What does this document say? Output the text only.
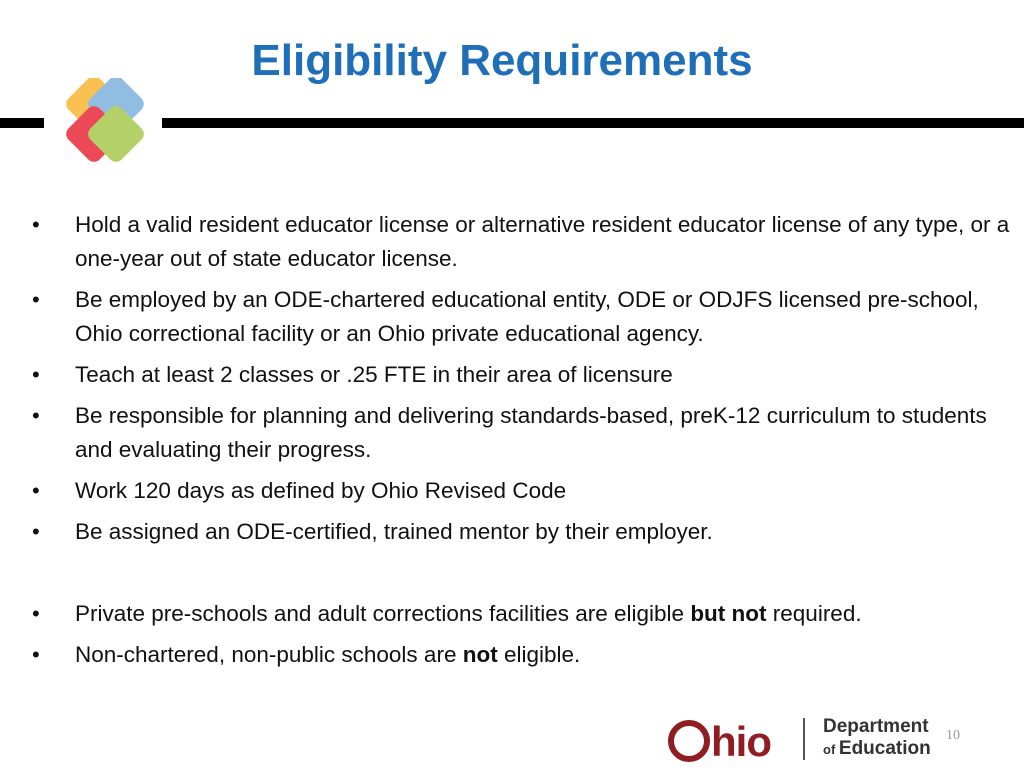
Eligibility Requirements
• Hold a valid resident educator license or alternative resident educator license of any type, or a one-year out of state educator license.
• Be employed by an ODE-chartered educational entity, ODE or ODJFS licensed pre-school, Ohio correctional facility or an Ohio private educational agency.
• Teach at least 2 classes or .25 FTE in their area of licensure
• Be responsible for planning and delivering standards-based, preK-12 curriculum to students and evaluating their progress.
• Work 120 days as defined by Ohio Revised Code
• Be assigned an ODE-certified, trained mentor by their employer.
• Private pre-schools and adult corrections facilities are eligible but not required.
• Non-chartered, non-public schools are not eligible.
hio	Department
of Education
10
